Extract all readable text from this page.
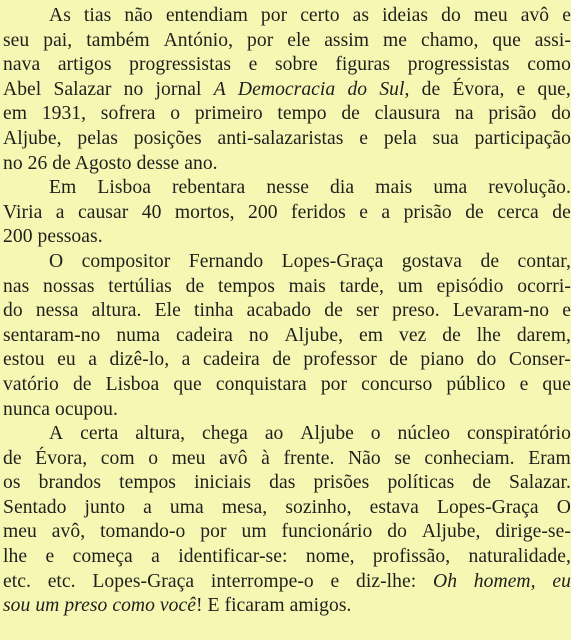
As tias não entendiam por certo as ideias do meu avô e
seu pai, também António, por ele assim me chamo, que assi-
nava artigos progressistas e sobre figuras progressistas como
Abel Salazar no jornal A Democracia do Sul, de Évora, e que,
em 1931, sofrera o primeiro tempo de clausura na prisão do
Aljube, pelas posições anti-salazaristas e pela sua participação
no 26 de Agosto desse ano.
Em Lisboa rebentara nesse dia mais uma revolução.
Viria a causar 40 mortos, 200 feridos e a prisão de cerca de
200 pessoas.
O compositor Fernando Lopes-Graça gostava de contar,
nas nossas tertúlias de tempos mais tarde, um episódio ocorri-
do nessa altura. Ele tinha acabado de ser preso. Levaram-no e
sentaram-no numa cadeira no Aljube, em vez de lhe darem,
estou eu a dizê-lo, a cadeira de professor de piano do Conser-
vatório de Lisboa que conquistara por concurso público e que
nunca ocupou.
A certa altura, chega ao Aljube o núcleo conspiratório
de Évora, com o meu avô à frente. Não se conheciam. Eram
os brandos tempos iniciais das prisões políticas de Salazar.
Sentado junto a uma mesa, sozinho, estava Lopes-Graça O
meu avô, tomando-o por um funcionário do Aljube, dirige-se-
lhe e começa a identificar-se: nome, profissão, naturalidade,
etc. etc. Lopes-Graça interrompe-o e diz-lhe: Oh homem, eu
sou um preso como você! E ficaram amigos.
